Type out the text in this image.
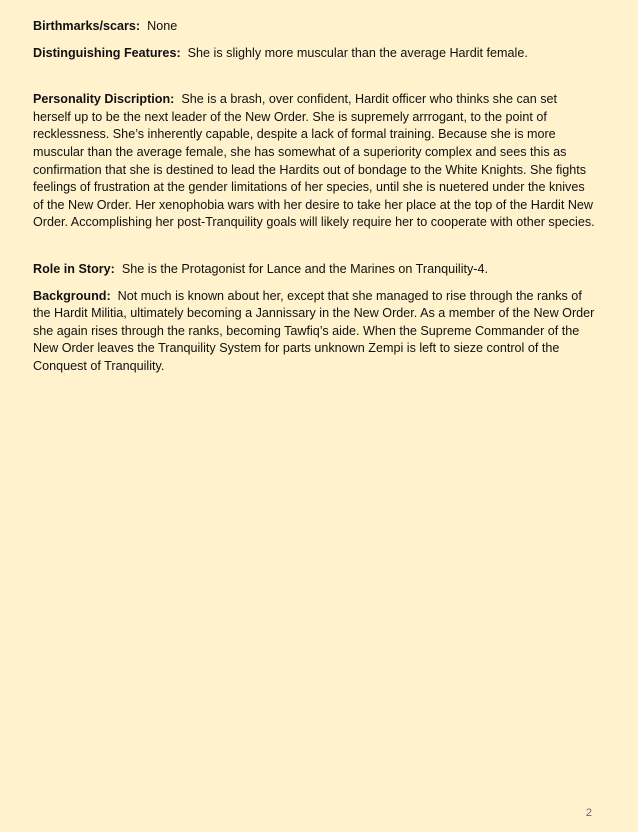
Birthmarks/scars: None

Distinguishing Features: She is slighly more muscular than the average Hardit female.

Personality Discription: She is a brash, over confident, Hardit officer who thinks she can set herself up to be the next leader of the New Order. She is supremely arrrogant, to the point of recklessness. She’s inherently capable, despite a lack of formal training. Because she is more muscular than the average female, she has somewhat of a superiority complex and sees this as confirmation that she is destined to lead the Hardits out of bondage to the White Knights. She fights feelings of frustration at the gender limitations of her species, until she is nuetered under the knives of the New Order. Her xenophobia wars with her desire to take her place at the top of the Hardit New Order. Accomplishing her post-Tranquility goals will likely require her to cooperate with other species.

Role in Story: She is the Protagonist for Lance and the Marines on Tranquility-4.

Background: Not much is known about her, except that she managed to rise through the ranks of the Hardit Militia, ultimately becoming a Jannissary in the New Order. As a member of the New Order she again rises through the ranks, becoming Tawfiq’s aide. When the Supreme Commander of the New Order leaves the Tranquility System for parts unknown Zempi is left to sieze control of the Conquest of Tranquility.

2
